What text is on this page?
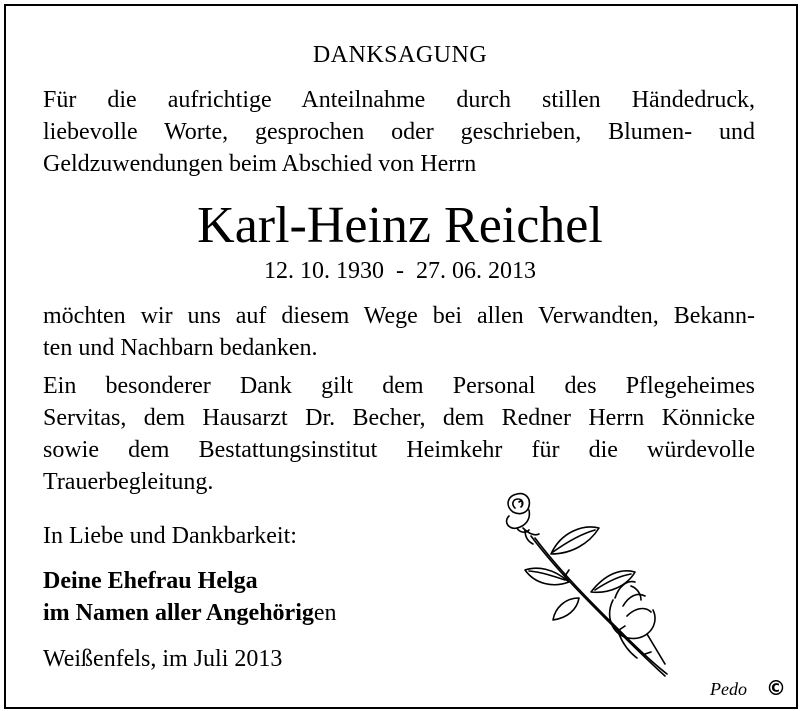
DANKSAGUNG
Für die aufrichtige Anteilnahme durch stillen Händedruck,
liebevolle Worte, gesprochen oder geschrieben, Blumen- und
Geldzuwendungen beim Abschied von Herrn
Karl-Heinz Reichel
12. 10. 1930  -  27. 06. 2013
möchten wir uns auf diesem Wege bei allen Verwandten, Bekann-
ten und Nachbarn bedanken.
Ein besonderer Dank gilt dem Personal des Pflegeheimes
Servitas, dem Hausarzt Dr. Becher, dem Redner Herrn Könnicke
sowie dem Bestattungsinstitut Heimkehr für die würdevolle
Trauerbegleitung.
In Liebe und Dankbarkeit:
Deine Ehefrau Helga
im Namen aller Angehörigen
Weißenfels, im Juli 2013
Pedo ©
